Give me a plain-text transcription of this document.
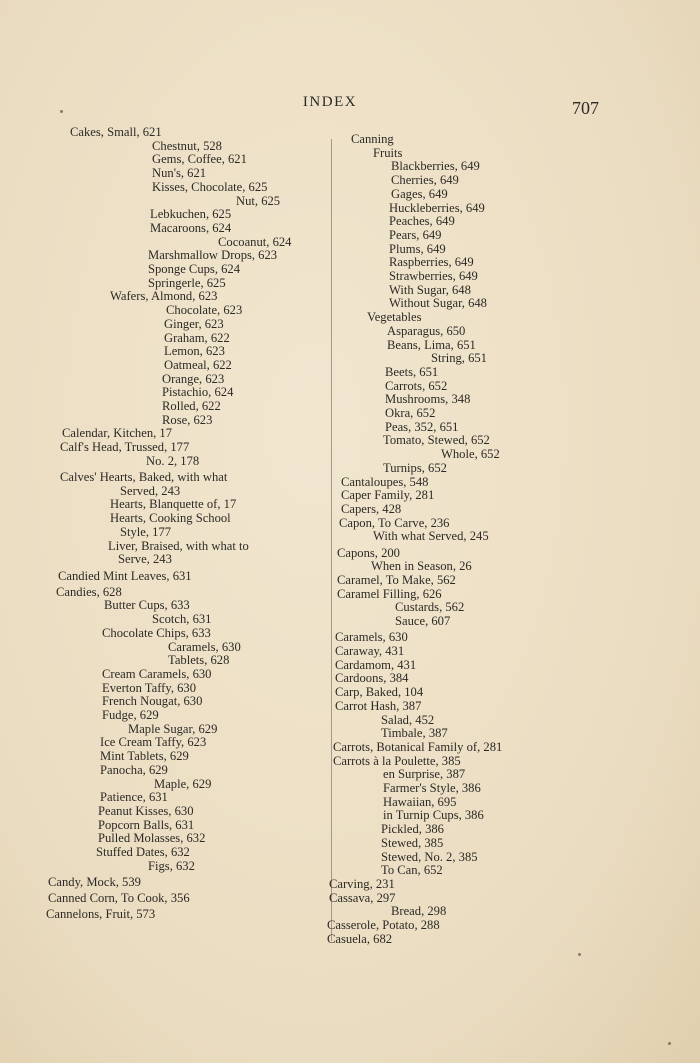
INDEX	707
Cakes, Small, 621
Chestnut, 528
Gems, Coffee, 621
Nun's, 621
Kisses, Chocolate, 625
Nut, 625
Lebkuchen, 625
Macaroons, 624
Cocoanut, 624
Marshmallow Drops, 623
Sponge Cups, 624
Springerle, 625
Wafers, Almond, 623
Chocolate, 623
Ginger, 623
Graham, 622
Lemon, 623
Oatmeal, 622
Orange, 623
Pistachio, 624
Rolled, 622
Rose, 623
Calendar, Kitchen, 17
Calf's Head, Trussed, 177
No. 2, 178
Calves' Hearts, Baked, with what
Served, 243
Hearts, Blanquette of, 17
Hearts, Cooking School
Style, 177
Liver, Braised, with what to
Serve, 243
Candied Mint Leaves, 631
Candies, 628
Butter Cups, 633
Scotch, 631
Chocolate Chips, 633
Caramels, 630
Tablets, 628
Cream Caramels, 630
Everton Taffy, 630
French Nougat, 630
Fudge, 629
Maple Sugar, 629
Ice Cream Taffy, 623
Mint Tablets, 629
Panocha, 629
Maple, 629
Patience, 631
Peanut Kisses, 630
Popcorn Balls, 631
Pulled Molasses, 632
Stuffed Dates, 632
Figs, 632
Candy, Mock, 539
Canned Corn, To Cook, 356
Cannelons, Fruit, 573
Canning
Fruits
Blackberries, 649
Cherries, 649
Gages, 649
Huckleberries, 649
Peaches, 649
Pears, 649
Plums, 649
Raspberries, 649
Strawberries, 649
With Sugar, 648
Without Sugar, 648
Vegetables
Asparagus, 650
Beans, Lima, 651
String, 651
Beets, 651
Carrots, 652
Mushrooms, 348
Okra, 652
Peas, 352, 651
Tomato, Stewed, 652
Whole, 652
Turnips, 652
Cantaloupes, 548
Caper Family, 281
Capers, 428
Capon, To Carve, 236
With what Served, 245
Capons, 200
When in Season, 26
Caramel, To Make, 562
Caramel Filling, 626
Custards, 562
Sauce, 607
Caramels, 630
Caraway, 431
Cardamom, 431
Cardoons, 384
Carp, Baked, 104
Carrot Hash, 387
Salad, 452
Timbale, 387
Carrots, Botanical Family of, 281
Carrots à la Poulette, 385
en Surprise, 387
Farmer's Style, 386
Hawaiian, 695
in Turnip Cups, 386
Pickled, 386
Stewed, 385
Stewed, No. 2, 385
To Can, 652
Carving, 231
Cassava, 297
Bread, 298
Casserole, Potato, 288
Casuela, 682
